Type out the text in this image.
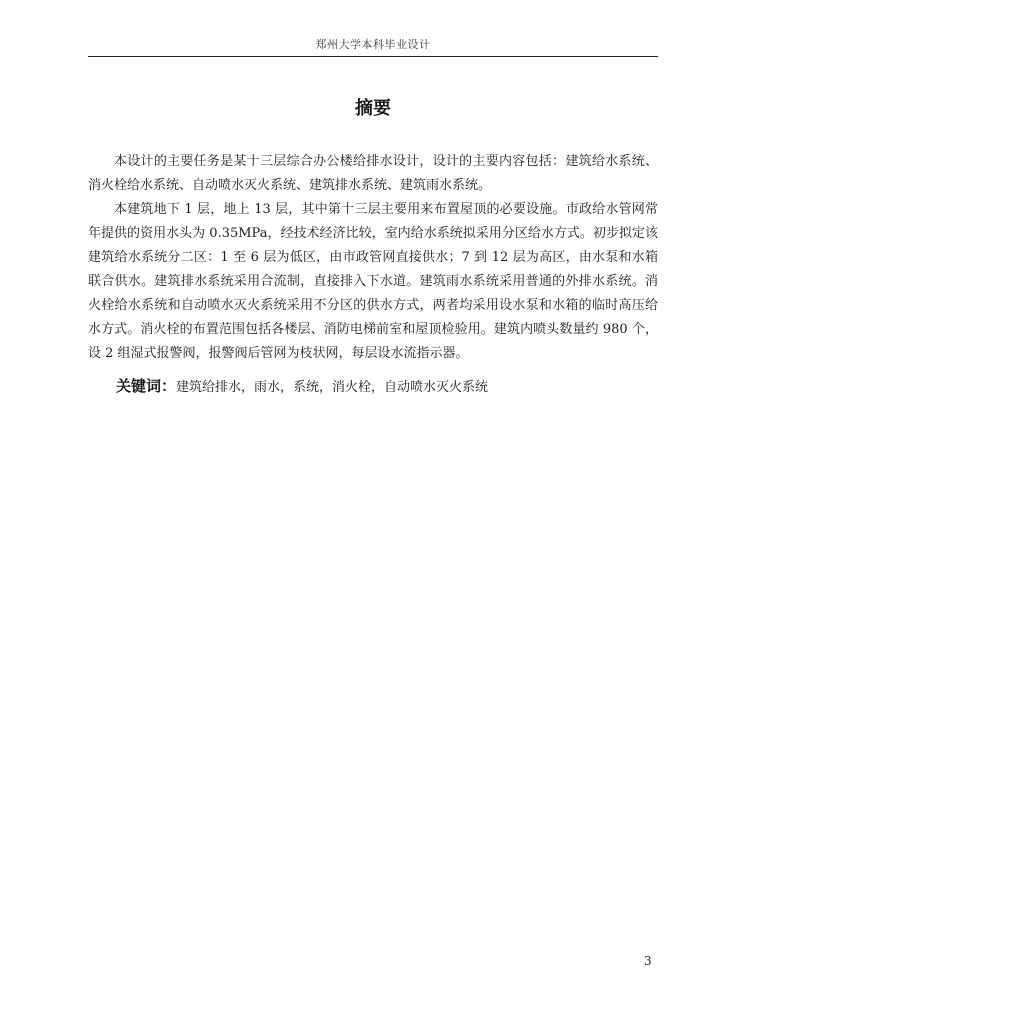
郑州大学本科毕业设计
摘要

本设计的主要任务是某十三层综合办公楼给排水设计，设计的主要内容包括：建筑给水系统、消火栓给水系统、自动喷水灭火系统、建筑排水系统、建筑雨水系统。

本建筑地下 1 层，地上 13 层，其中第十三层主要用来布置屋顶的必要设施。市政给水管网常年提供的资用水头为 0.35MPa，经技术经济比较，室内给水系统拟采用分区给水方式。初步拟定该建筑给水系统分二区：1 至 6 层为低区，由市政管网直接供水；7 到 12 层为高区，由水泵和水箱联合供水。建筑排水系统采用合流制，直接排入下水道。建筑雨水系统采用普通的外排水系统。消火栓给水系统和自动喷水灭火系统采用不分区的供水方式，两者均采用设水泵和水箱的临时高压给水方式。消火栓的布置范围包括各楼层、消防电梯前室和屋顶检验用。建筑内喷头数量约 980 个，设 2 组湿式报警阀，报警阀后管网为枝状网，每层设水流指示器。

关键词：建筑给排水，雨水，系统，消火栓，自动喷水灭火系统
3
